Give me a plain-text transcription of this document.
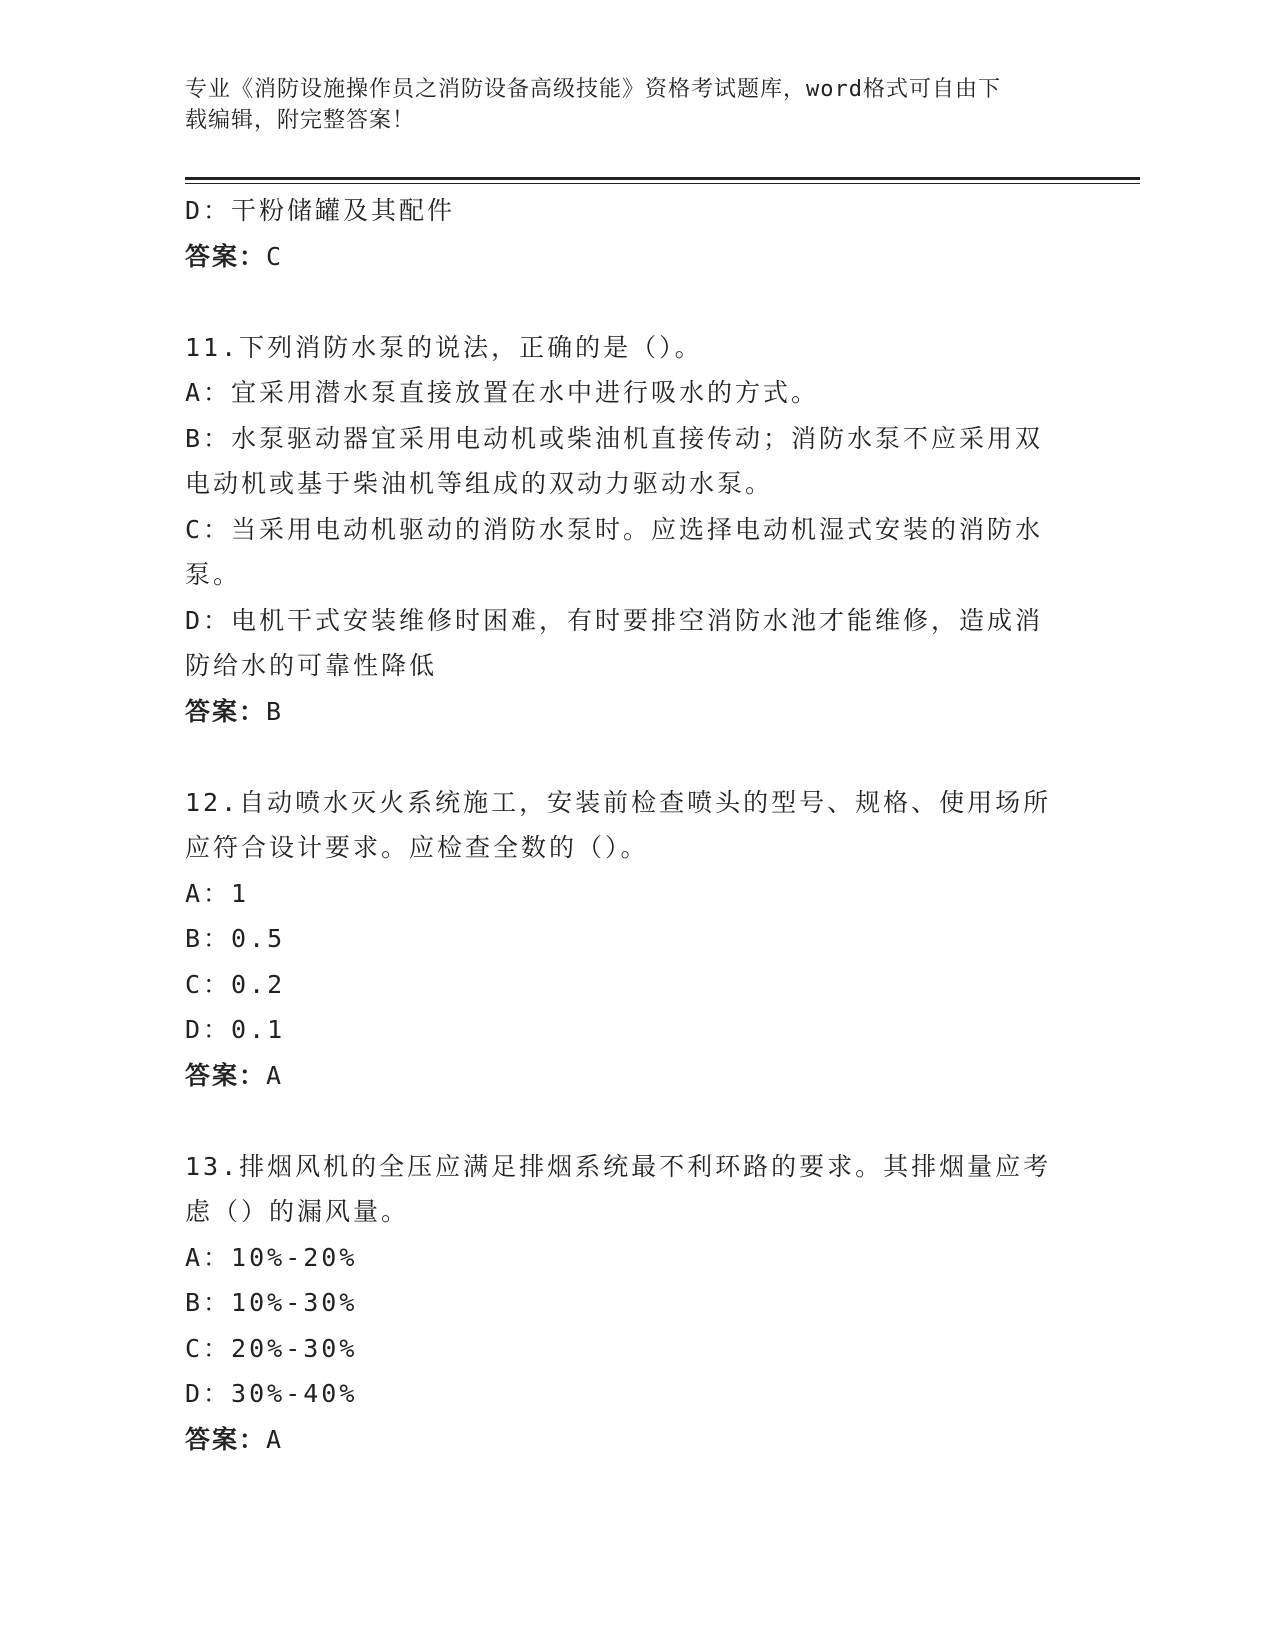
专业《消防设施操作员之消防设备高级技能》资格考试题库，word格式可自由下
载编辑，附完整答案！
D：干粉储罐及其配件
答案：C
11.下列消防水泵的说法，正确的是（）。
A：宜采用潜水泵直接放置在水中进行吸水的方式。
B：水泵驱动器宜采用电动机或柴油机直接传动；消防水泵不应采用双
电动机或基于柴油机等组成的双动力驱动水泵。
C：当采用电动机驱动的消防水泵时。应选择电动机湿式安装的消防水
泵。
D：电机干式安装维修时困难，有时要排空消防水池才能维修，造成消
防给水的可靠性降低
答案：B
12.自动喷水灭火系统施工，安装前检查喷头的型号、规格、使用场所
应符合设计要求。应检查全数的（）。
A：1
B：0.5
C：0.2
D：0.1
答案：A
13.排烟风机的全压应满足排烟系统最不利环路的要求。其排烟量应考
虑（）的漏风量。
A：10%-20%
B：10%-30%
C：20%-30%
D：30%-40%
答案：A
